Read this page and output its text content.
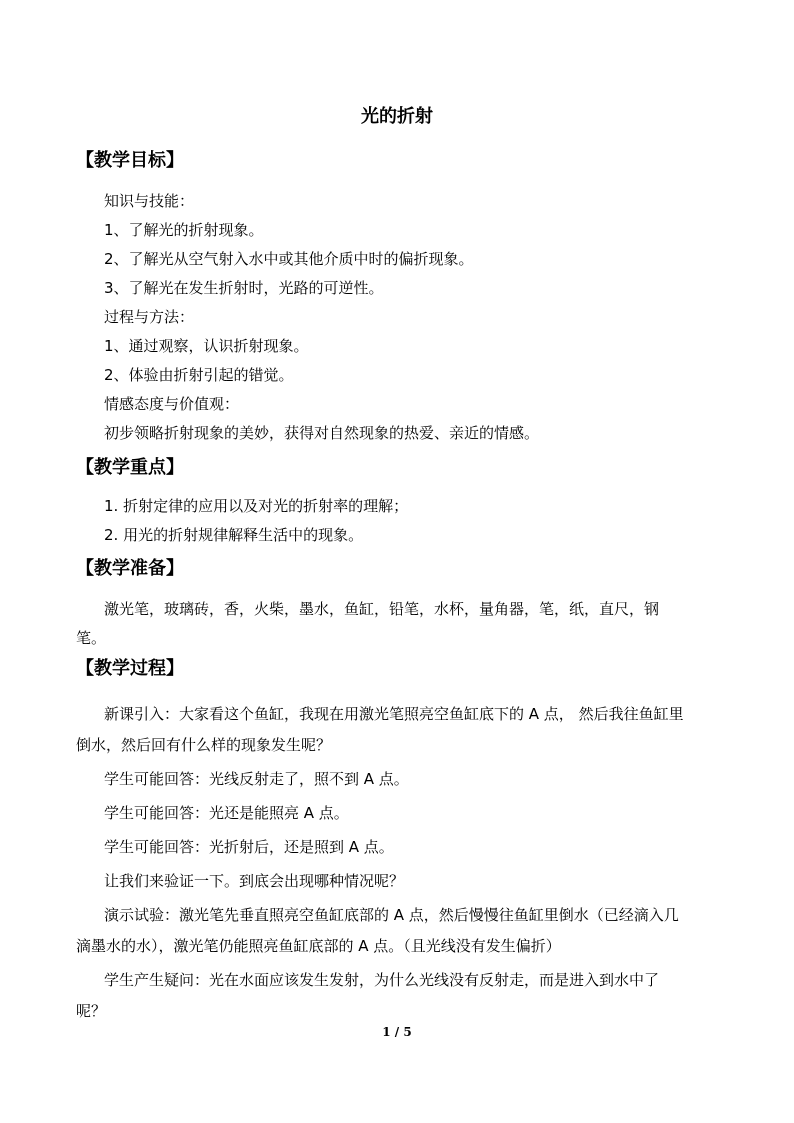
光的折射
【教学目标】
知识与技能：
1、了解光的折射现象。
2、了解光从空气射入水中或其他介质中时的偏折现象。
3、了解光在发生折射时，光路的可逆性。
过程与方法：
1、通过观察，认识折射现象。
2、体验由折射引起的错觉。
情感态度与价值观：
初步领略折射现象的美妙，获得对自然现象的热爱、亲近的情感。
【教学重点】
1. 折射定律的应用以及对光的折射率的理解；
2. 用光的折射规律解释生活中的现象。
【教学准备】
激光笔，玻璃砖，香，火柴，墨水，鱼缸，铅笔，水杯，量角器，笔，纸，直尺，钢
笔。
【教学过程】
新课引入：大家看这个鱼缸，我现在用激光笔照亮空鱼缸底下的 A 点， 然后我往鱼缸里
倒水，然后回有什么样的现象发生呢？
学生可能回答：光线反射走了，照不到 A 点。
学生可能回答：光还是能照亮 A 点。
学生可能回答：光折射后，还是照到 A 点。
让我们来验证一下。到底会出现哪种情况呢？
演示试验：激光笔先垂直照亮空鱼缸底部的 A 点，然后慢慢往鱼缸里倒水（已经滴入几
滴墨水的水），激光笔仍能照亮鱼缸底部的 A 点。（且光线没有发生偏折）
学生产生疑问：光在水面应该发生发射，为什么光线没有反射走，而是进入到水中了
呢？
1 / 5
